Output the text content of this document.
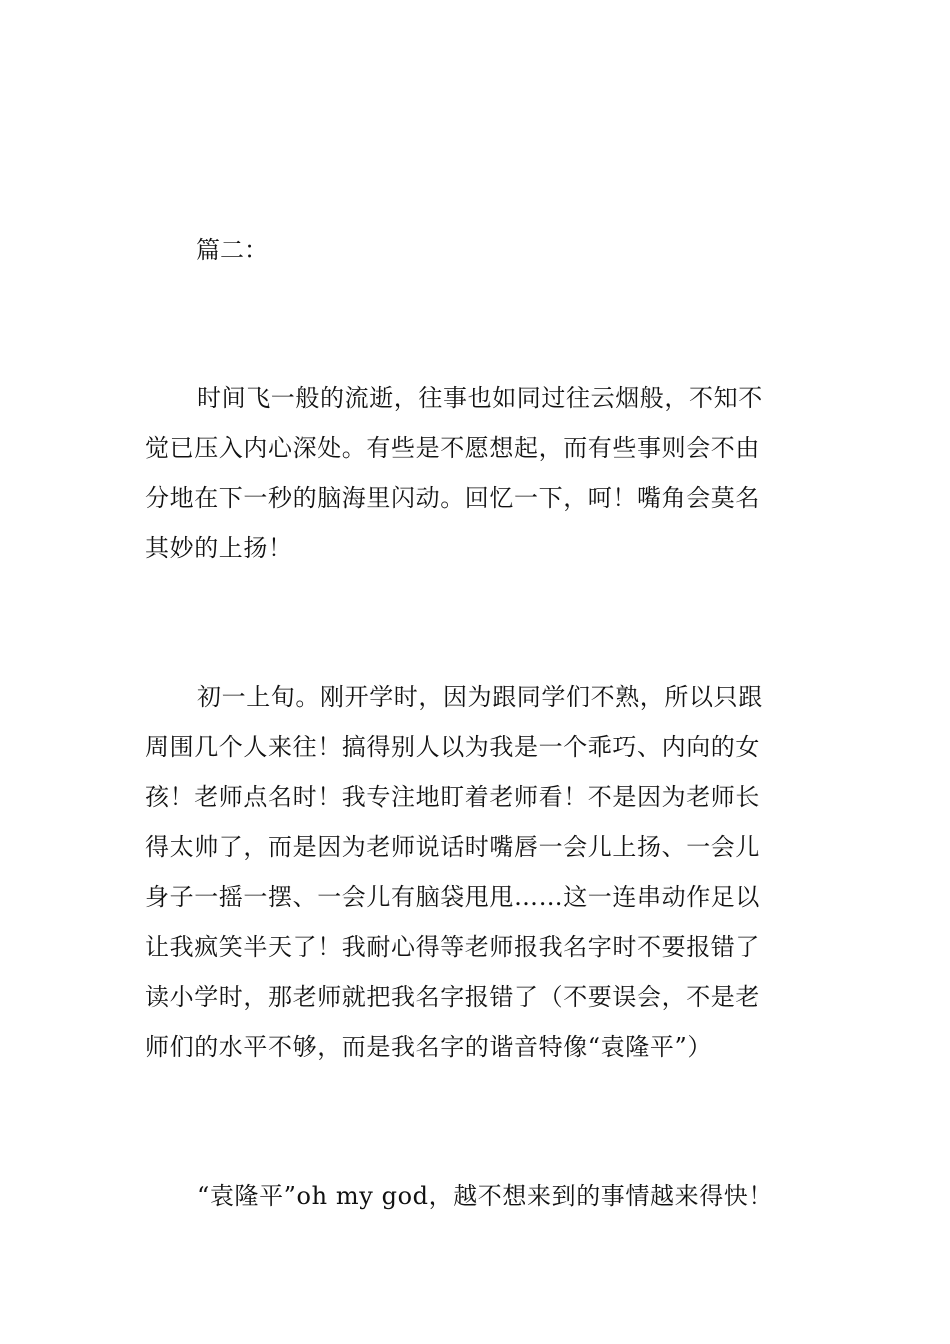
篇二：
时间飞一般的流逝，往事也如同过往云烟般，不知不
觉已压入内心深处。有些是不愿想起，而有些事则会不由
分地在下一秒的脑海里闪动。回忆一下，呵！嘴角会莫名
其妙的上扬！
初一上旬。刚开学时，因为跟同学们不熟，所以只跟
周围几个人来往！搞得别人以为我是一个乖巧、内向的女
孩！老师点名时！我专注地盯着老师看！不是因为老师长
得太帅了，而是因为老师说话时嘴唇一会儿上扬、一会儿
身子一摇一摆、一会儿有脑袋甩甩……这一连串动作足以
让我疯笑半天了！我耐心得等老师报我名字时不要报错了
读小学时，那老师就把我名字报错了（不要误会，不是老
师们的水平不够，而是我名字的谐音特像“袁隆平”）
“袁隆平”oh my god，越不想来到的事情越来得快！
